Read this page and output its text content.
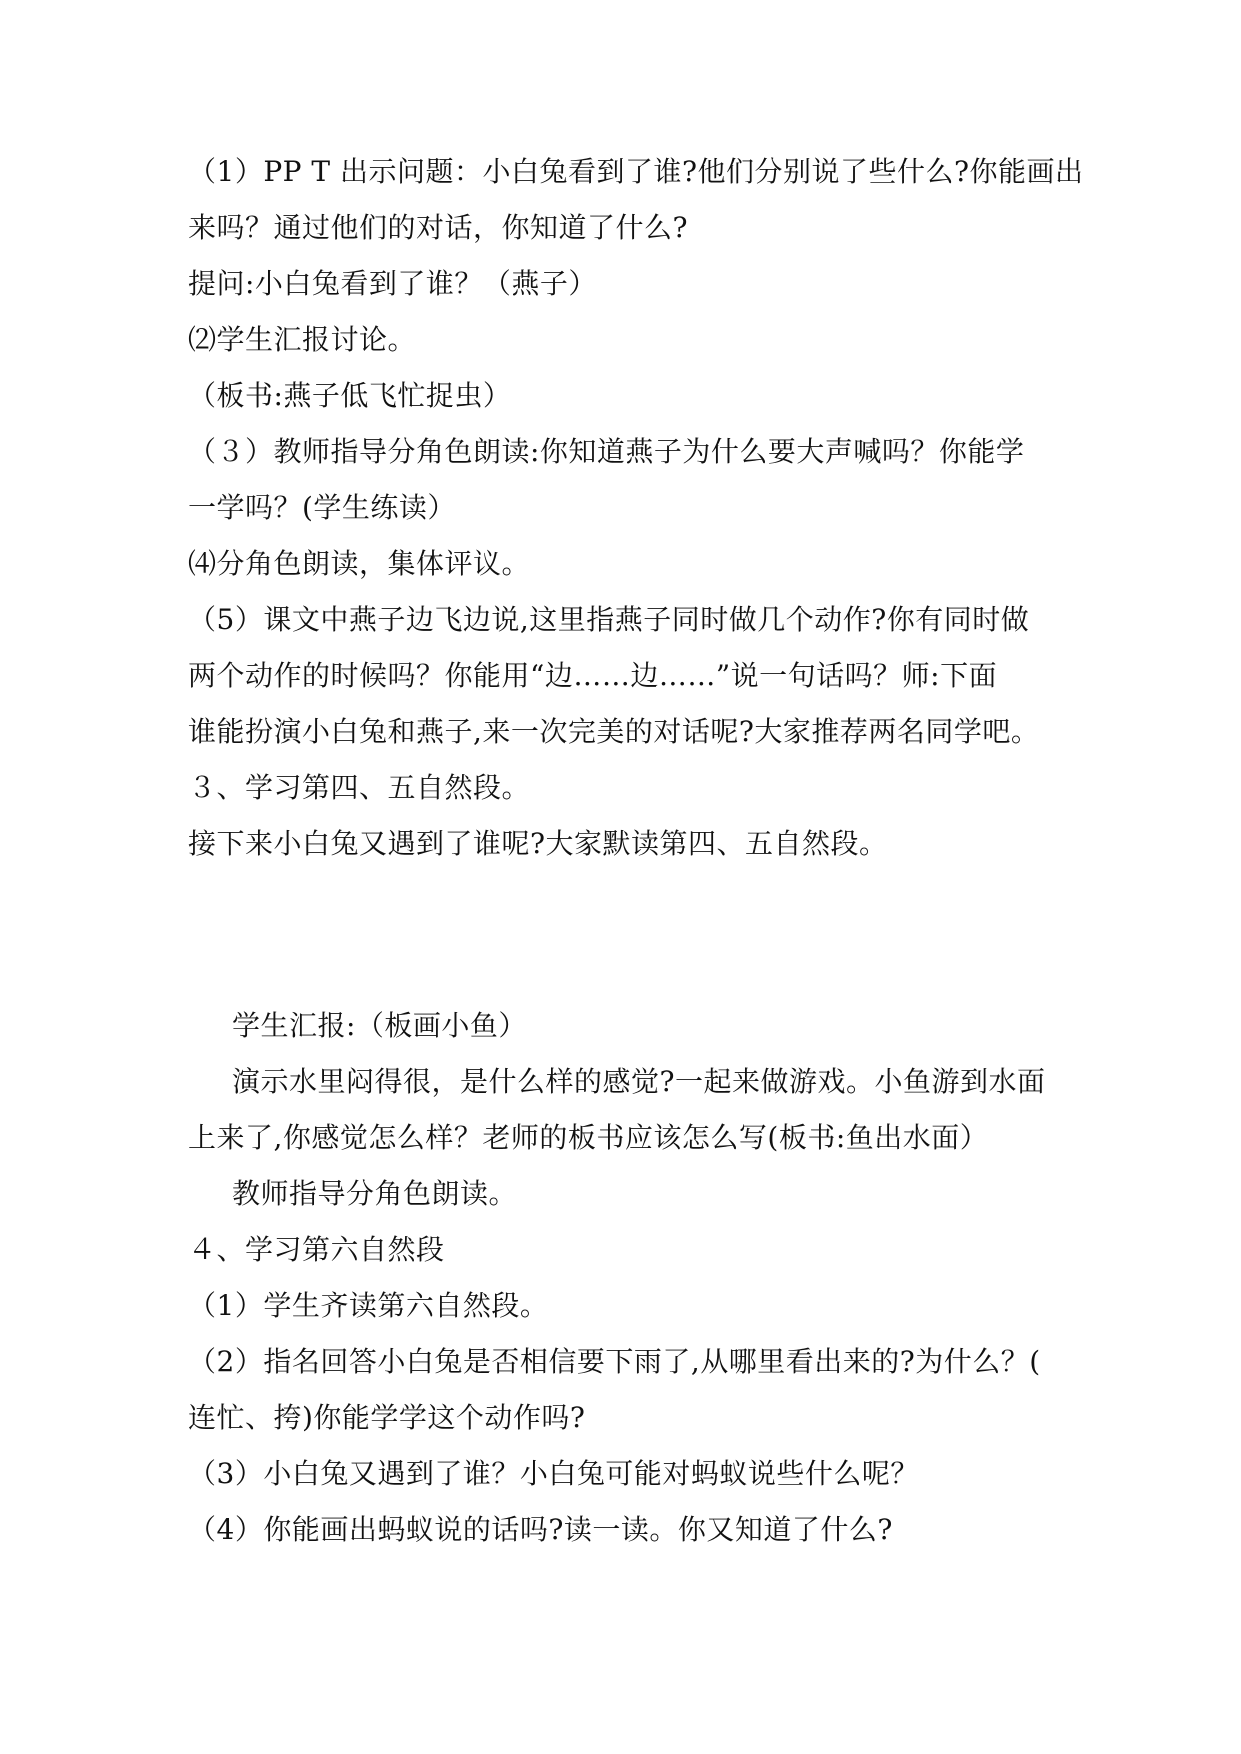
（1）PP T 出示问题：小白兔看到了谁?他们分别说了些什么?你能画出
来吗？通过他们的对话，你知道了什么?
提问:小白兔看到了谁？（燕子）
⑵学生汇报讨论。
（板书:燕子低飞忙捉虫）
（３）教师指导分角色朗读:你知道燕子为什么要大声喊吗？你能学
一学吗？(学生练读）
⑷分角色朗读，集体评议。
（5）课文中燕子边飞边说,这里指燕子同时做几个动作?你有同时做
两个动作的时候吗？你能用“边……边……”说一句话吗？师:下面
谁能扮演小白兔和燕子,来一次完美的对话呢?大家推荐两名同学吧。
３、学习第四、五自然段。
接下来小白兔又遇到了谁呢?大家默读第四、五自然段。
学生汇报:（板画小鱼）
演示水里闷得很，是什么样的感觉?一起来做游戏。小鱼游到水面
上来了,你感觉怎么样？老师的板书应该怎么写(板书:鱼出水面）
教师指导分角色朗读。
４、学习第六自然段
（1）学生齐读第六自然段。
（2）指名回答小白兔是否相信要下雨了,从哪里看出来的?为什么？(
连忙、挎)你能学学这个动作吗?
（3）小白兔又遇到了谁？小白兔可能对蚂蚁说些什么呢？
（4）你能画出蚂蚁说的话吗?读一读。你又知道了什么?
